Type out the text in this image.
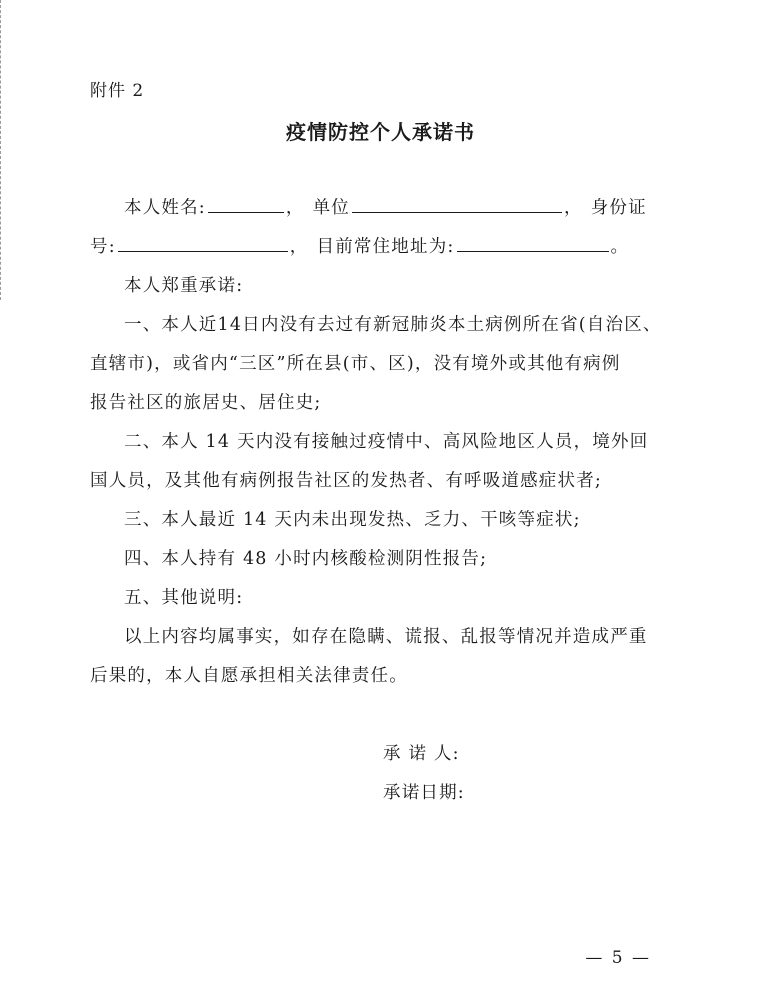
附件 2
疫情防控个人承诺书
本人姓名:	， 单位	， 身份证
号:	， 目前常住地址为:	。
本人郑重承诺:
一、本人近14日内没有去过有新冠肺炎本土病例所在省(自治区、
直辖市)，或省内“三区”所在县(市、区)，没有境外或其他有病例
报告社区的旅居史、居住史;
二、本人 14 天内没有接触过疫情中、高风险地区人员，境外回
国人员，及其他有病例报告社区的发热者、有呼吸道感症状者;
三、本人最近 14 天内未出现发热、乏力、干咳等症状;
四、本人持有 48 小时内核酸检测阴性报告;
五、其他说明:
以上内容均属事实，如存在隐瞒、谎报、乱报等情况并造成严重
后果的，本人自愿承担相关法律责任。
承 诺 人:
承诺日期:
— 5 —
